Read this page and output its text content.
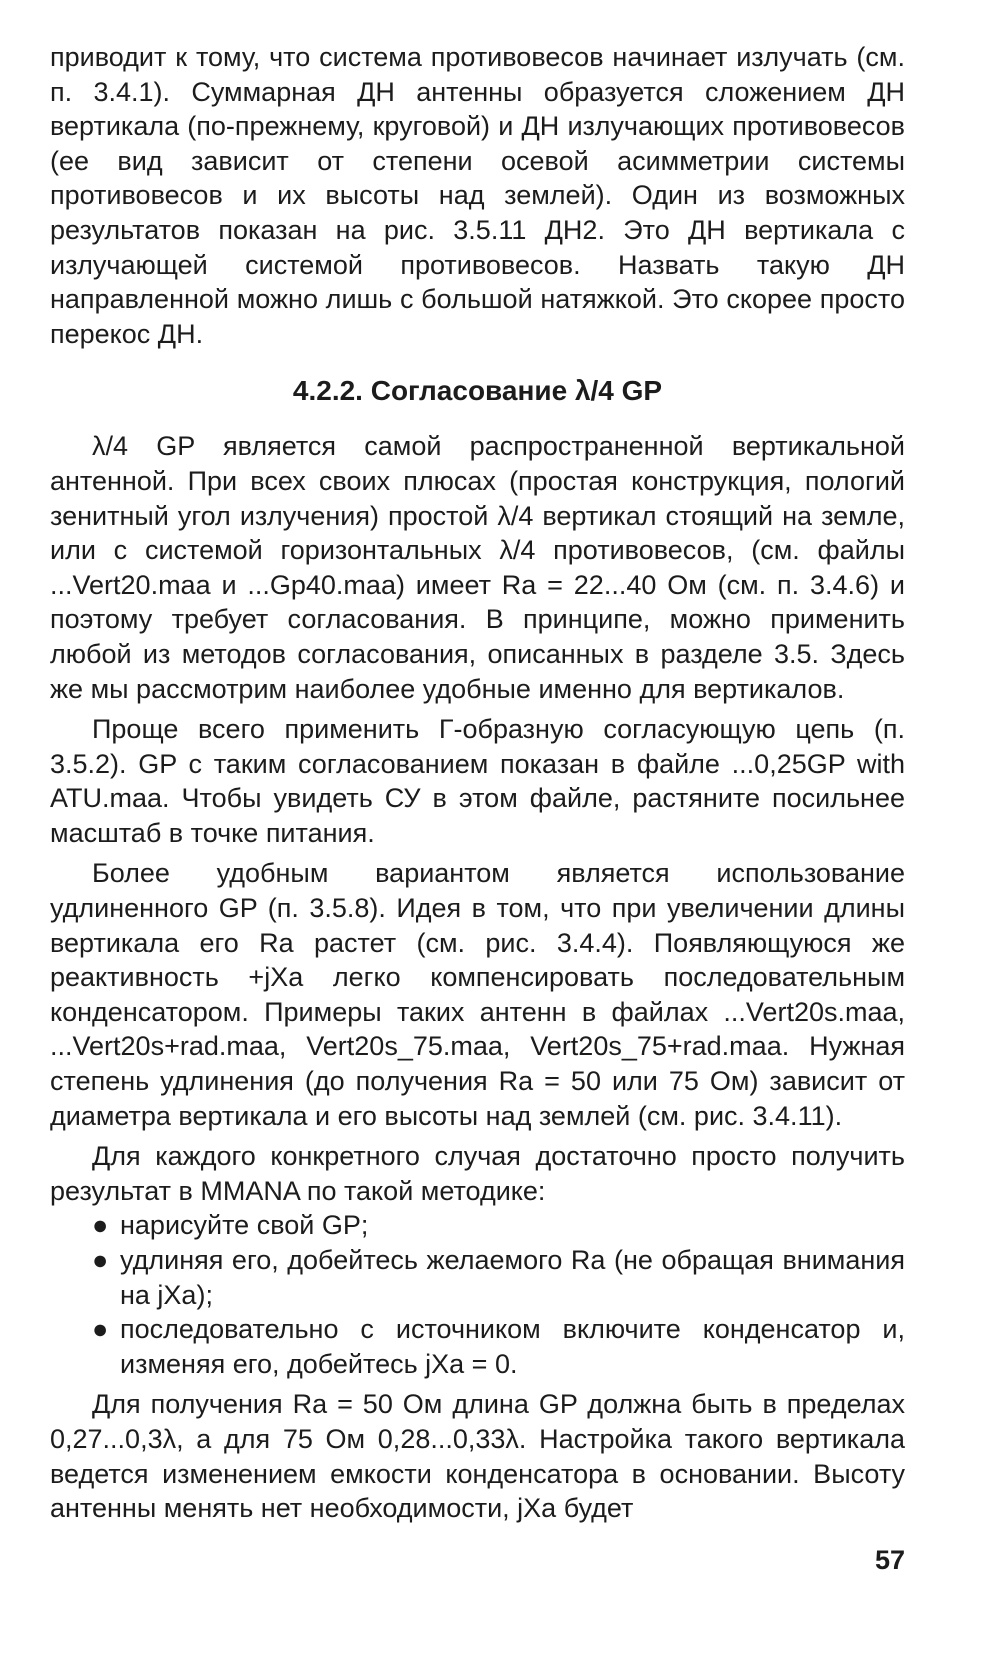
приводит к тому, что система противовесов начинает излучать (см. п. 3.4.1). Суммарная ДН антенны образуется сложением ДН вертикала (по-прежнему, круговой) и ДН излучающих противовесов (ее вид зависит от степени осевой асимметрии системы противовесов и их высоты над землей). Один из возможных результатов показан на рис. 3.5.11 ДН2. Это ДН вертикала с излучающей системой противовесов. Назвать такую ДН направленной можно лишь с большой натяжкой. Это скорее просто перекос ДН.

4.2.2. Согласование λ/4 GP

λ/4 GP является самой распространенной вертикальной антенной. При всех своих плюсах (простая конструкция, пологий зенитный угол излучения) простой λ/4 вертикал стоящий на земле, или с системой горизонтальных λ/4 противовесов, (см. файлы ...Vert20.maa и ...Gp40.maa) имеет Ra = 22...40 Ом (см. п. 3.4.6) и поэтому требует согласования. В принципе, можно применить любой из методов согласования, описанных в разделе 3.5. Здесь же мы рассмотрим наиболее удобные именно для вертикалов.

Проще всего применить Г-образную согласующую цепь (п. 3.5.2). GP с таким согласованием показан в файле ...0,25GP with ATU.maa. Чтобы увидеть СУ в этом файле, растяните посильнее масштаб в точке питания.

Более удобным вариантом является использование удлиненного GP (п. 3.5.8). Идея в том, что при увеличении длины вертикала его Ra растет (см. рис. 3.4.4). Появляющуюся же реактивность +jXa легко компенсировать последовательным конденсатором. Примеры таких антенн в файлах ...Vert20s.maa, ...Vert20s+rad.maa, Vert20s_75.maa, Vert20s_75+rad.maa. Нужная степень удлинения (до получения Ra = 50 или 75 Ом) зависит от диаметра вертикала и его высоты над землей (см. рис. 3.4.11).

Для каждого конкретного случая достаточно просто получить результат в MMANA по такой методике:

● нарисуйте свой GP;
● удлиняя его, добейтесь желаемого Ra (не обращая внимания на jXa);
● последовательно с источником включите конденсатор и, изменяя его, добейтесь jXa = 0.

Для получения Ra = 50 Ом длина GP должна быть в пределах 0,27...0,3λ, а для 75 Ом 0,28...0,33λ. Настройка такого вертикала ведется изменением емкости конденсатора в основании. Высоту антенны менять нет необходимости, jXa будет

57
